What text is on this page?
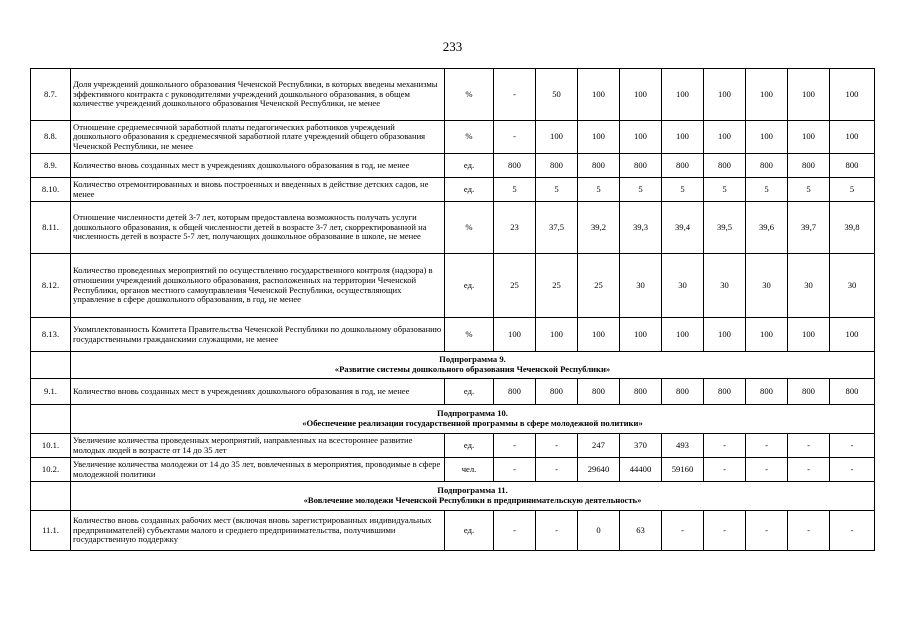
233
8.7.	Доля учреждений дошкольного образования Чеченской Республики, в которых введены механизмы эффективного контракта с руководителями учреждений дошкольного образования, в общем количестве учреждений дошкольного образования Чеченской Республики, не менее	%	-	50	100	100	100	100	100	100	100
8.8.	Отношение среднемесячной заработной платы педагогических работников учреждений дошкольного образования к среднемесячной заработной плате учреждений общего образования Чеченской Республики, не менее	%	-	100	100	100	100	100	100	100	100
8.9.	Количество вновь созданных мест в учреждениях дошкольного образования в год, не менее	ед.	800	800	800	800	800	800	800	800	800
8.10.	Количество отремонтированных и вновь построенных и введенных в действие детских садов, не менее	ед.	5	5	5	5	5	5	5	5	5
8.11.	Отношение численности детей 3-7 лет, которым предоставлена возможность получать услуги дошкольного образования, к общей численности детей в возрасте 3-7 лет, скорректированной на численность детей в возрасте 5-7 лет, получающих дошкольное образование в школе, не менее	%	23	37,5	39,2	39,3	39,4	39,5	39,6	39,7	39,8
8.12.	Количество проведенных мероприятий по осуществлению государственного контроля (надзора) в отношении учреждений дошкольного образования, расположенных на территории Чеченской Республики, органов местного самоуправления Чеченской Республики, осуществляющих управление в сфере дошкольного образования, в год, не менее	ед.	25	25	25	30	30	30	30	30	30
8.13.	Укомплектованность Комитета Правительства Чеченской Республики по дошкольному образованию государственными гражданскими служащими, не менее	%	100	100	100	100	100	100	100	100	100

	Подпрограмма 9.
«Развитие системы дошкольного образования Чеченской Республики»										

9.1.	Количество вновь созданных мест в учреждениях дошкольного образования в год, не менее	ед.	800	800	800	800	800	800	800	800	800

	Подпрограмма 10.
«Обеспечение реализации государственной программы в сфере молодежной политики»										

10.1.	Увеличение количества проведенных мероприятий, направленных на всестороннее развитие молодых людей в возрасте от 14 до 35 лет	ед.	-	-	247	370	493	-	-	-	-
10.2.	Увеличение количества молодежи от 14 до 35 лет, вовлеченных в мероприятия, проводимые в сфере молодежной политики	чел.	-	-	29640	44400	59160	-	-	-	-

	Подпрограмма 11.
«Вовлечение молодежи Чеченской Республики в предпринимательскую деятельность»										

11.1.	Количество вновь созданных рабочих мест (включая вновь зарегистрированных индивидуальных предпринимателей) субъектами малого и среднего предпринимательства, получившими государственную поддержку	ед.	-	-	0	63	-	-	-	-	-
